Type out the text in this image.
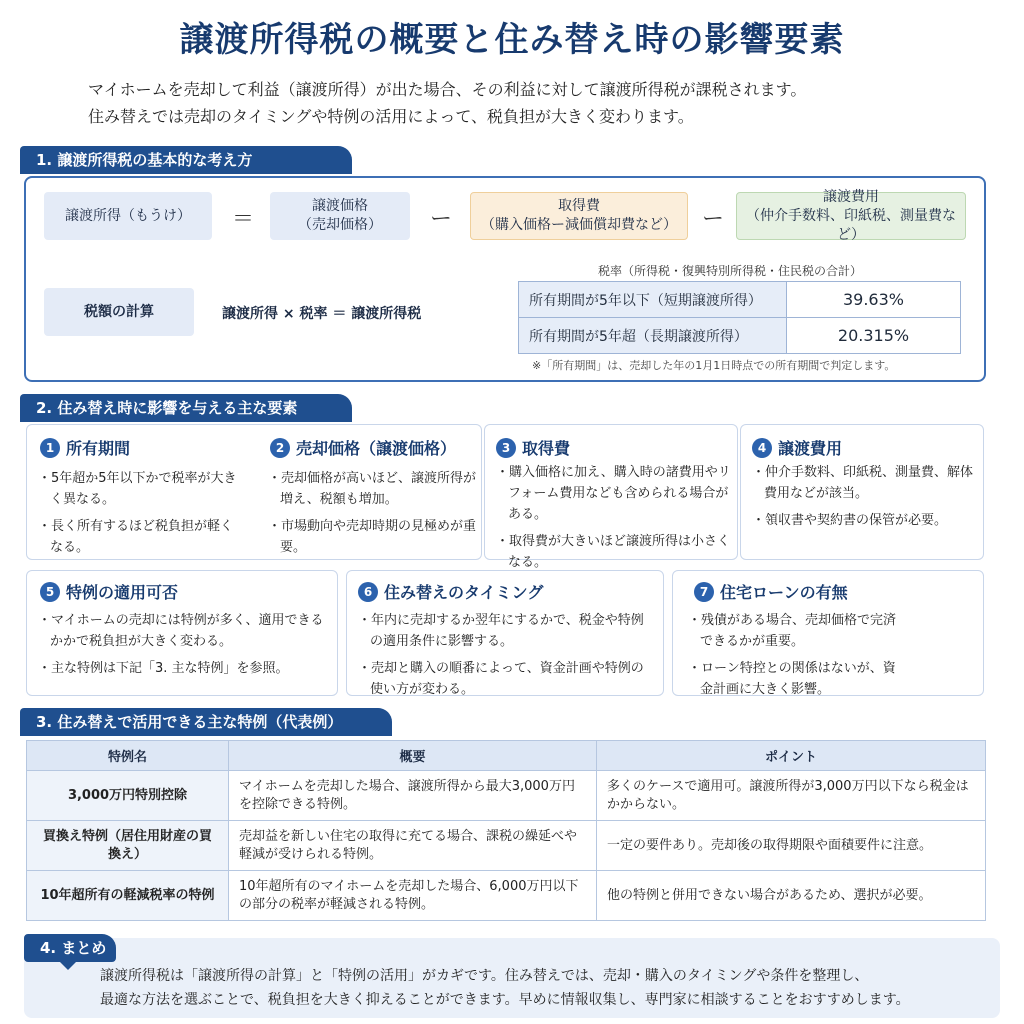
譲渡所得税の概要と住み替え時の影響要素
マイホームを売却して利益（譲渡所得）が出た場合、その利益に対して譲渡所得税が課税されます。
住み替えでは売却のタイミングや特例の活用によって、税負担が大きく変わります。
1. 譲渡所得税の基本的な考え方
譲渡所得（もうけ）	＝
譲渡価格
（売却価格）	ー
取得費
（購入価格ー減価償却費など）	ー
譲渡費用
（仲介手数料、印紙税、測量費など）
税額の計算	譲渡所得 × 税率 ＝ 譲渡所得税
税率（所得税・復興特別所得税・住民税の合計）
所有期間が5年以下（短期譲渡所得）	39.63%
所有期間が5年超（長期譲渡所得）	20.315%
※「所有期間」は、売却した年の1月1日時点での所有期間で判定します。
2. 住み替え時に影響を与える主な要素
1 所有期間
・5年超か5年以下かで税率が大きく異なる。
・長く所有するほど税負担が軽くなる。
2 売却価格（譲渡価格）
・売却価格が高いほど、譲渡所得が増え、税額も増加。
・市場動向や売却時期の見極めが重要。
3 取得費
・購入価格に加え、購入時の諸費用やリフォーム費用なども含められる場合がある。
・取得費が大きいほど譲渡所得は小さくなる。
4 譲渡費用
・仲介手数料、印紙税、測量費、解体費用などが該当。
・領収書や契約書の保管が必要。
5 特例の適用可否
・マイホームの売却には特例が多く、適用できるかかで税負担が大きく変わる。
・主な特例は下記「3. 主な特例」を参照。
6 住み替えのタイミング
・年内に売却するか翌年にするかで、税金や特例の適用条件に影響する。
・売却と購入の順番によって、資金計画や特例の使い方が変わる。
7 住宅ローンの有無
・残債がある場合、売却価格で完済できるかが重要。
・ローン特控との関係はないが、資金計画に大きく影響。
3. 住み替えで活用できる主な特例（代表例）
特例名	概要	ポイント
3,000万円特別控除	マイホームを売却した場合、譲渡所得から最大3,000万円を控除できる特例。	多くのケースで適用可。譲渡所得が3,000万円以下なら税金はかからない。
買換え特例（居住用財産の買換え）	売却益を新しい住宅の取得に充てる場合、課税の繰延べや軽減が受けられる特例。	一定の要件あり。売却後の取得期限や面積要件に注意。
10年超所有の軽減税率の特例	10年超所有のマイホームを売却した場合、6,000万円以下の部分の税率が軽減される特例。	他の特例と併用できない場合があるため、選択が必要。
4. まとめ
譲渡所得税は「譲渡所得の計算」と「特例の活用」がカギです。住み替えでは、売却・購入のタイミングや条件を整理し、
最適な方法を選ぶことで、税負担を大きく抑えることができます。早めに情報収集し、専門家に相談することをおすすめします。
